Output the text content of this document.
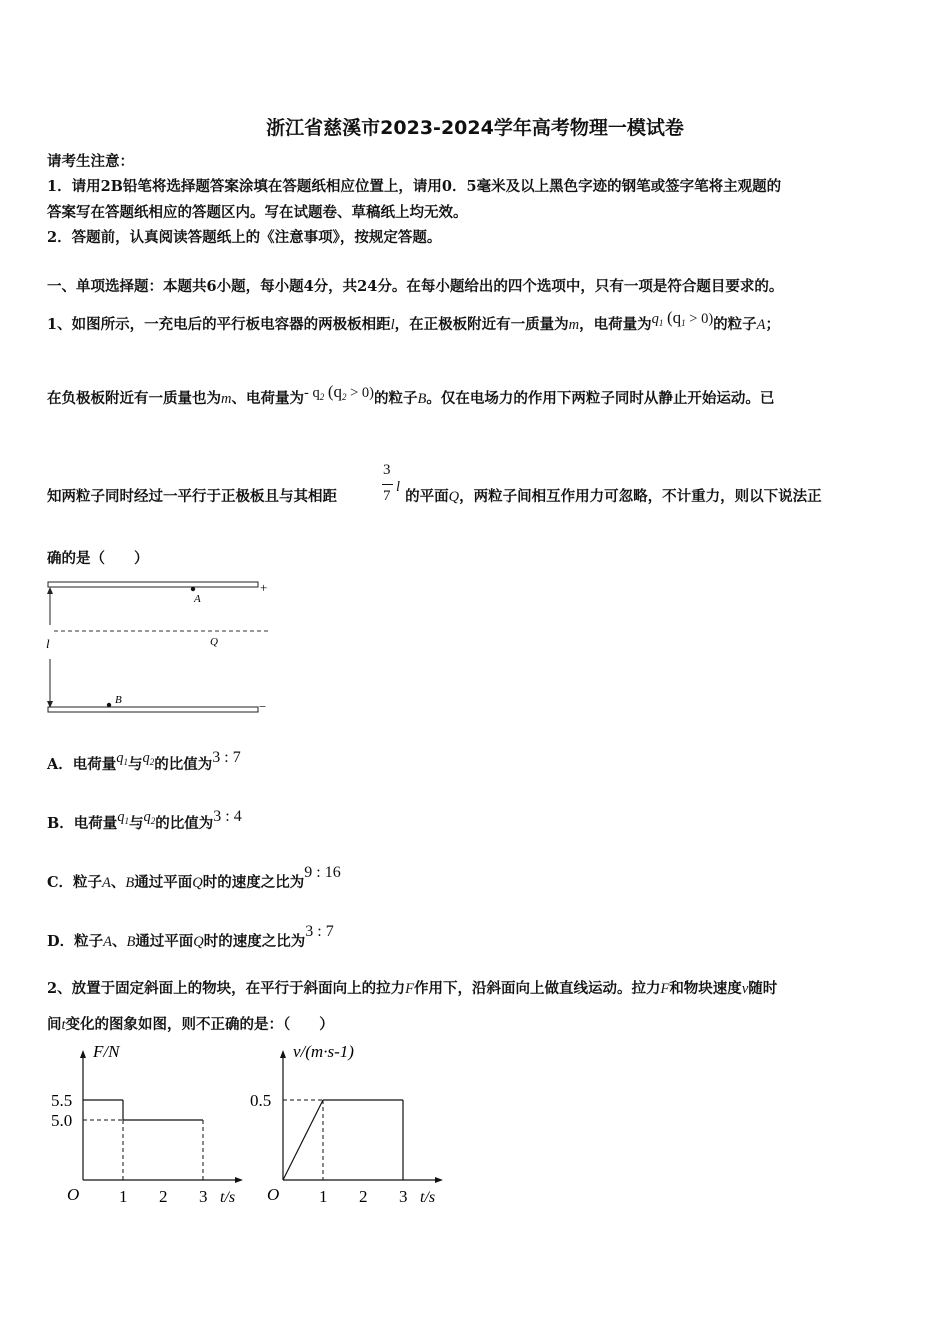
浙江省慈溪市2023-2024学年高考物理一模试卷
请考生注意：
1．请用2B铅笔将选择题答案涂填在答题纸相应位置上，请用0．5毫米及以上黑色字迹的钢笔或签字笔将主观题的
答案写在答题纸相应的答题区内。写在试题卷、草稿纸上均无效。
2．答题前，认真阅读答题纸上的《注意事项》，按规定答题。
一、单项选择题：本题共6小题，每小题4分，共24分。在每小题给出的四个选项中，只有一项是符合题目要求的。
1、如图所示，一充电后的平行板电容器的两极板相距l，在正极板附近有一质量为m，电荷量为$q_1$ $(q_1 > 0)$的粒子A；
在负极板附近有一质量也为m、电荷量为- $q_2$ $(q_2 > 0)$的粒子B。仅在电场力的作用下两粒子同时从静止开始运动。已
知两粒子同时经过一平行于正极板且与其相距
3
7
l 的平面Q，两粒子间相互作用力可忽略，不计重力，则以下说法正
确的是（　　）
+
A
l	Q
−
B
A．电荷量$q_1$与$q_2$的比值为3 : 7
B．电荷量$q_1$与$q_2$的比值为3 : 4
C．粒子A、B通过平面Q时的速度之比为9 : 16
D．粒子A、B通过平面Q时的速度之比为3 : 7
2、放置于固定斜面上的物块，在平行于斜面向上的拉力F作用下，沿斜面向上做直线运动。拉力F和物块速度v随时
间t变化的图象如图，则不正确的是：（　　）
F/N
t/s
O 1 2 3
5.5
5.0
v/(m·s-1)
t/s
O 1 2 3
0.5
